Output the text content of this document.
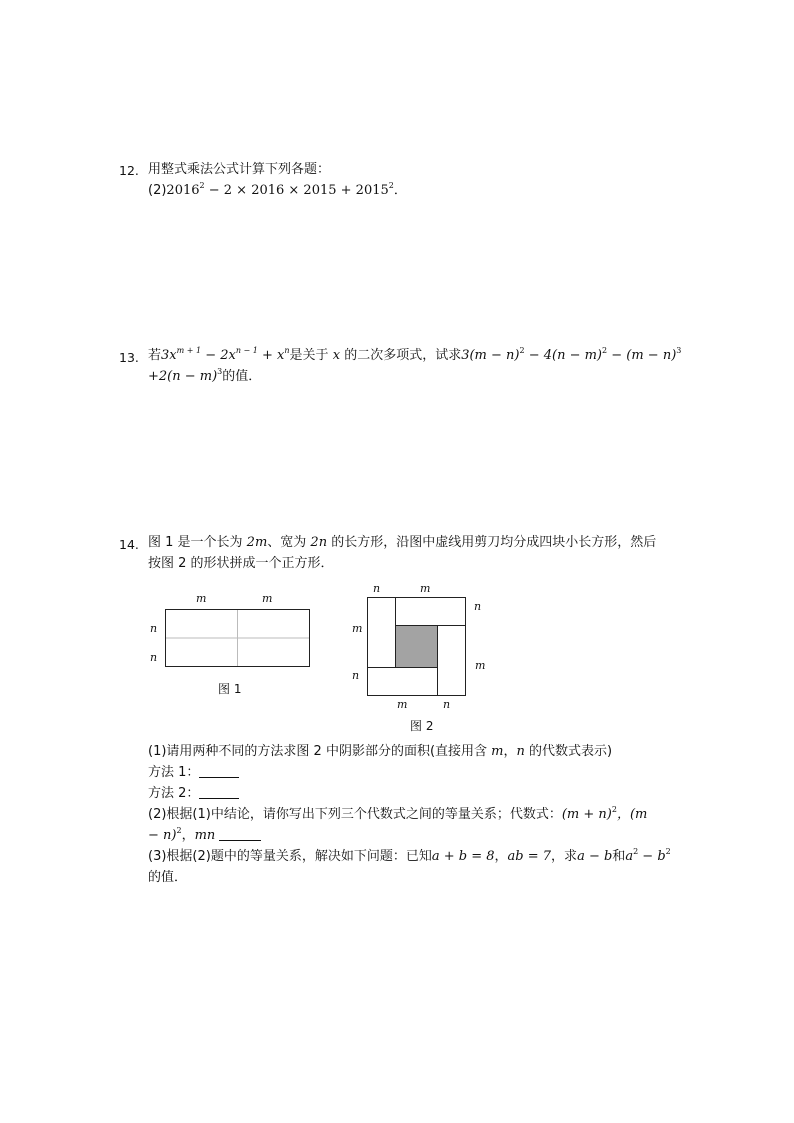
12. 用整式乘法公式计算下列各题：
$(2)2016^2 - 2 \times 2016 \times 2015 + 2015^2$．
13. 若$3x^{m + 1} - 2x^{n - 1} + x^n$是关于 x 的二次多项式，试求$3(m - n)^2 - 4(n - m)^2 - (m - n)^3$
$+2(n - m)^3$的值．
14. 图 1 是一个长为 2m、宽为 2n 的长方形，沿图中虚线用剪刀均分成四块小长方形，然后
按图 2 的形状拼成一个正方形．
m	m
n
n
图 1
n	m
n
m
m
n
m	n
图 2
(1)请用两种不同的方法求图 2 中阴影部分的面积(直接用含 m，n 的代数式表示)
方法 1：
方法 2：
(2)根据(1)中结论，请你写出下列三个代数式之间的等量关系；代数式：$(m + n)^2$，(m
− n)$^2$，mn
(3)根据(2)题中的等量关系，解决如下问题：已知a + b = 8，ab = 7，求a − b和$a^2 - b^2$
的值．
